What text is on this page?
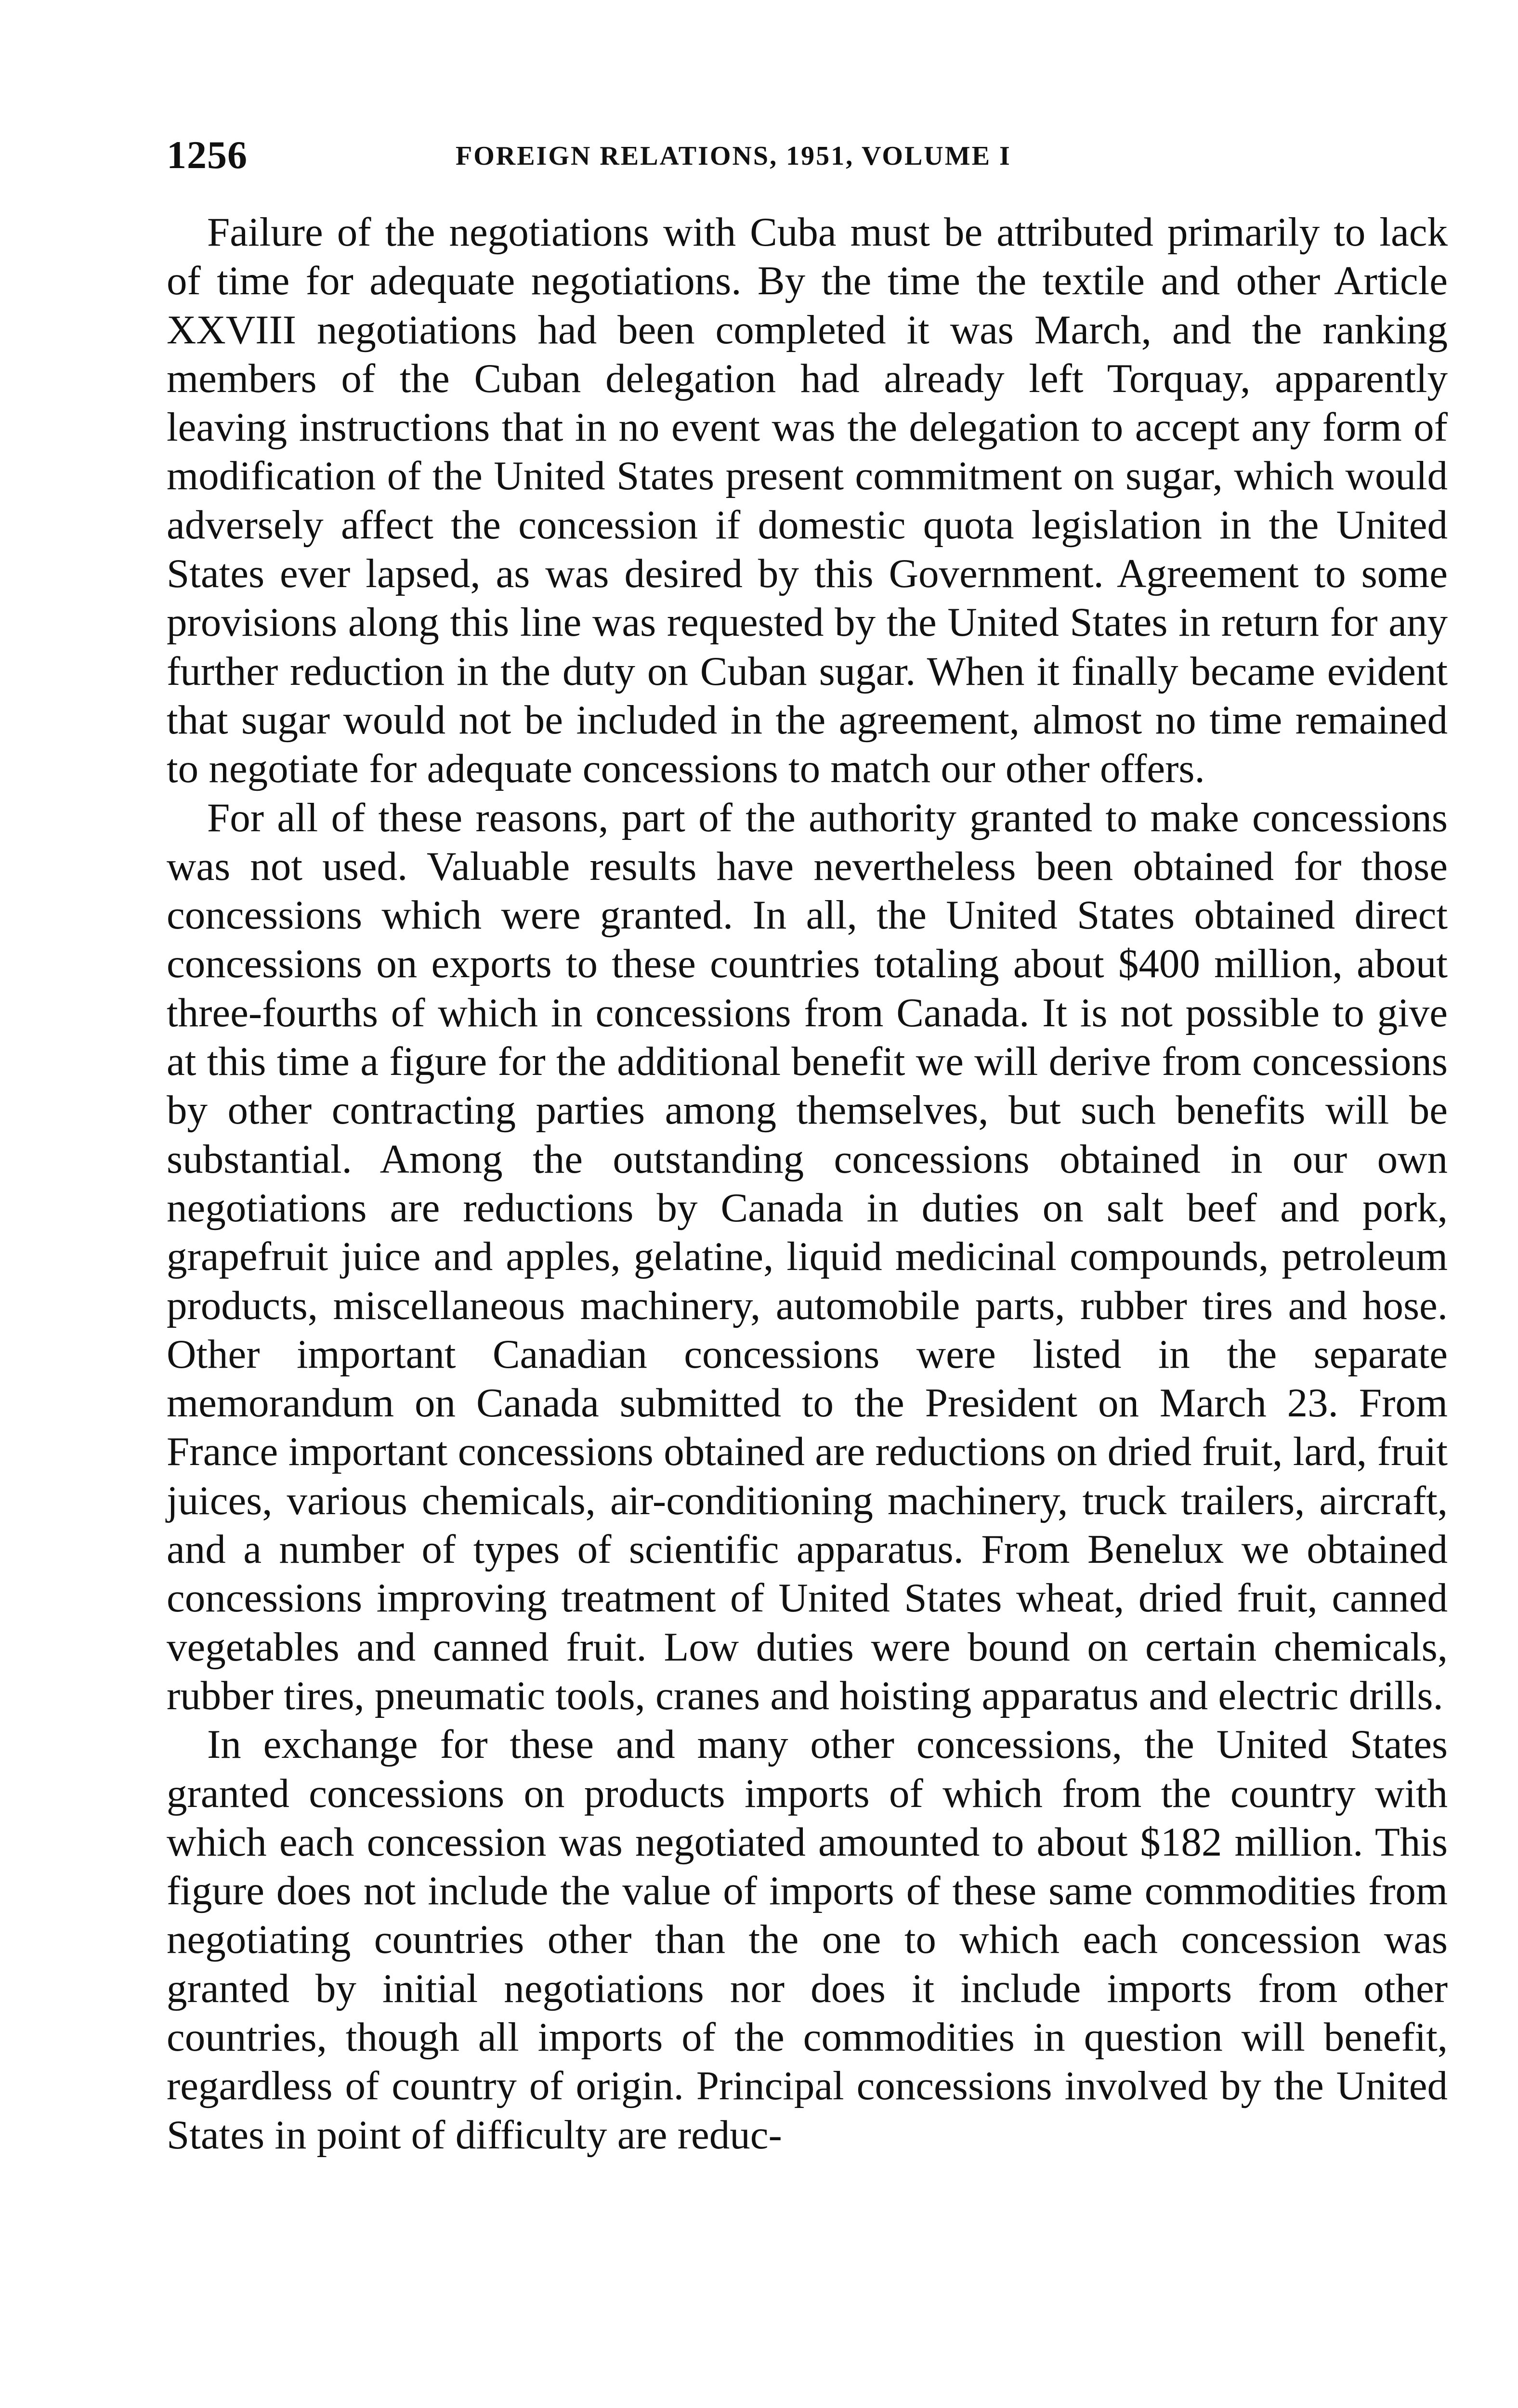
1256	FOREIGN RELATIONS, 1951, VOLUME I

Failure of the negotiations with Cuba must be attributed primarily to lack of time for adequate negotiations. By the time the textile and other Article XXVIII negotiations had been completed it was March, and the ranking members of the Cuban delegation had already left Torquay, apparently leaving instructions that in no event was the delegation to accept any form of modification of the United States present commitment on sugar, which would adversely affect the concession if domestic quota legislation in the United States ever lapsed, as was desired by this Government. Agreement to some provisions along this line was requested by the United States in return for any further reduction in the duty on Cuban sugar. When it finally became evident that sugar would not be included in the agreement, almost no time remained to negotiate for adequate concessions to match our other offers.

For all of these reasons, part of the authority granted to make concessions was not used. Valuable results have nevertheless been obtained for those concessions which were granted. In all, the United States obtained direct concessions on exports to these countries totaling about $400 million, about three-fourths of which in concessions from Canada. It is not possible to give at this time a figure for the additional benefit we will derive from concessions by other contracting parties among themselves, but such benefits will be substantial. Among the outstanding concessions obtained in our own negotiations are reductions by Canada in duties on salt beef and pork, grapefruit juice and apples, gelatine, liquid medicinal compounds, petroleum products, miscellaneous machinery, automobile parts, rubber tires and hose. Other important Canadian concessions were listed in the separate memorandum on Canada submitted to the President on March 23. From France important concessions obtained are reductions on dried fruit, lard, fruit juices, various chemicals, air-conditioning machinery, truck trailers, aircraft, and a number of types of scientific apparatus. From Benelux we obtained concessions improving treatment of United States wheat, dried fruit, canned vegetables and canned fruit. Low duties were bound on certain chemicals, rubber tires, pneumatic tools, cranes and hoisting apparatus and electric drills.

In exchange for these and many other concessions, the United States granted concessions on products imports of which from the country with which each concession was negotiated amounted to about $182 million. This figure does not include the value of imports of these same commodities from negotiating countries other than the one to which each concession was granted by initial negotiations nor does it include imports from other countries, though all imports of the commodities in question will benefit, regardless of country of origin. Principal concessions involved by the United States in point of difficulty are reduc-
